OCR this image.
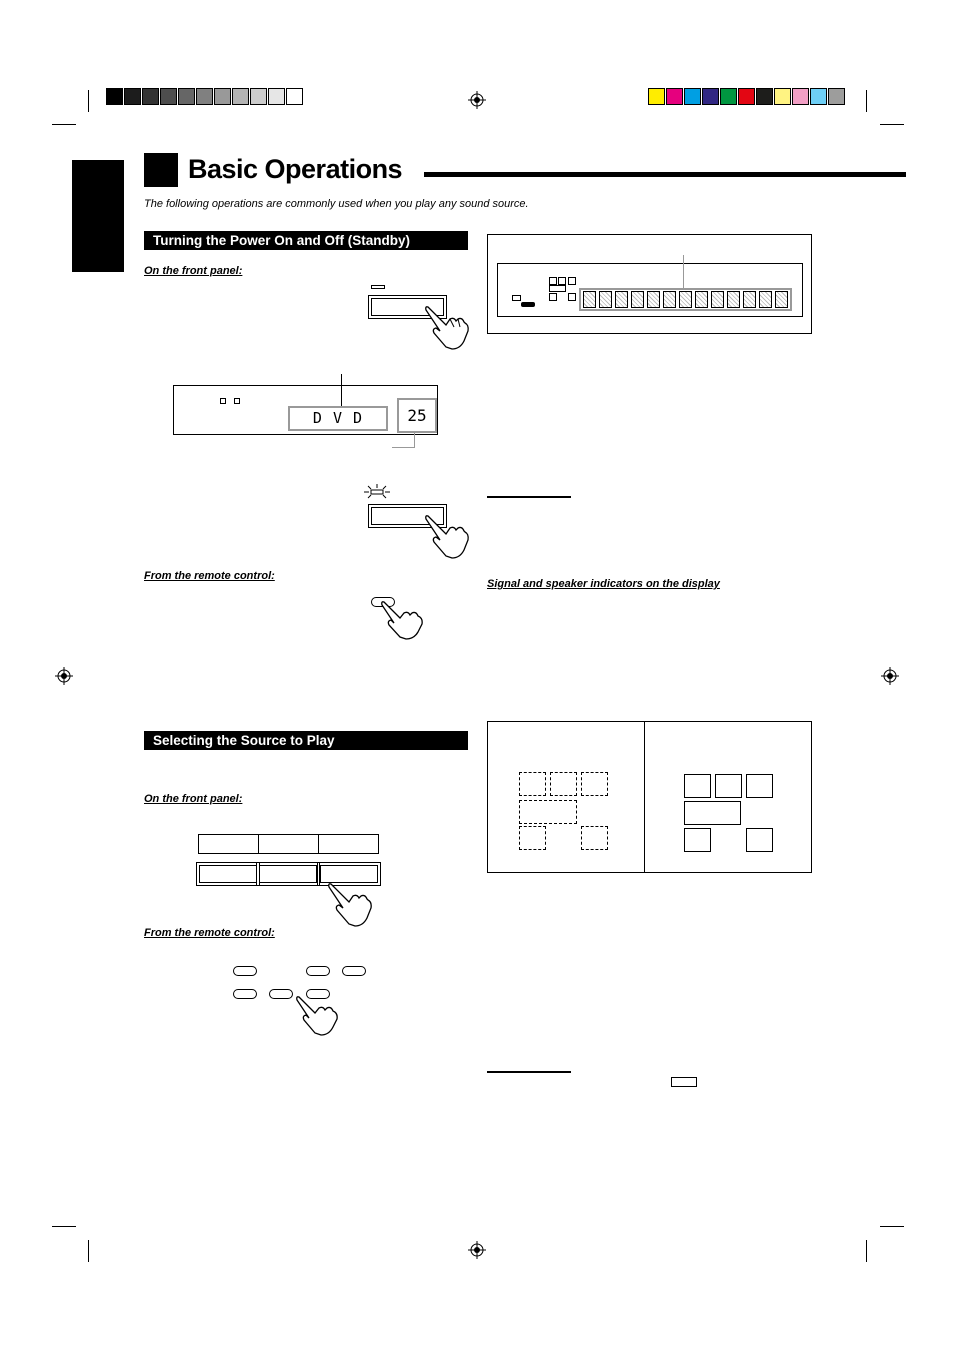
Basic Operations
The following operations are commonly used when you play any sound source.
Turning the Power On and Off (Standby)
On the front panel:
D V D	25
From the remote control:
Selecting the Source to Play
On the front panel:
From the remote control:
Signal and speaker indicators on the display
